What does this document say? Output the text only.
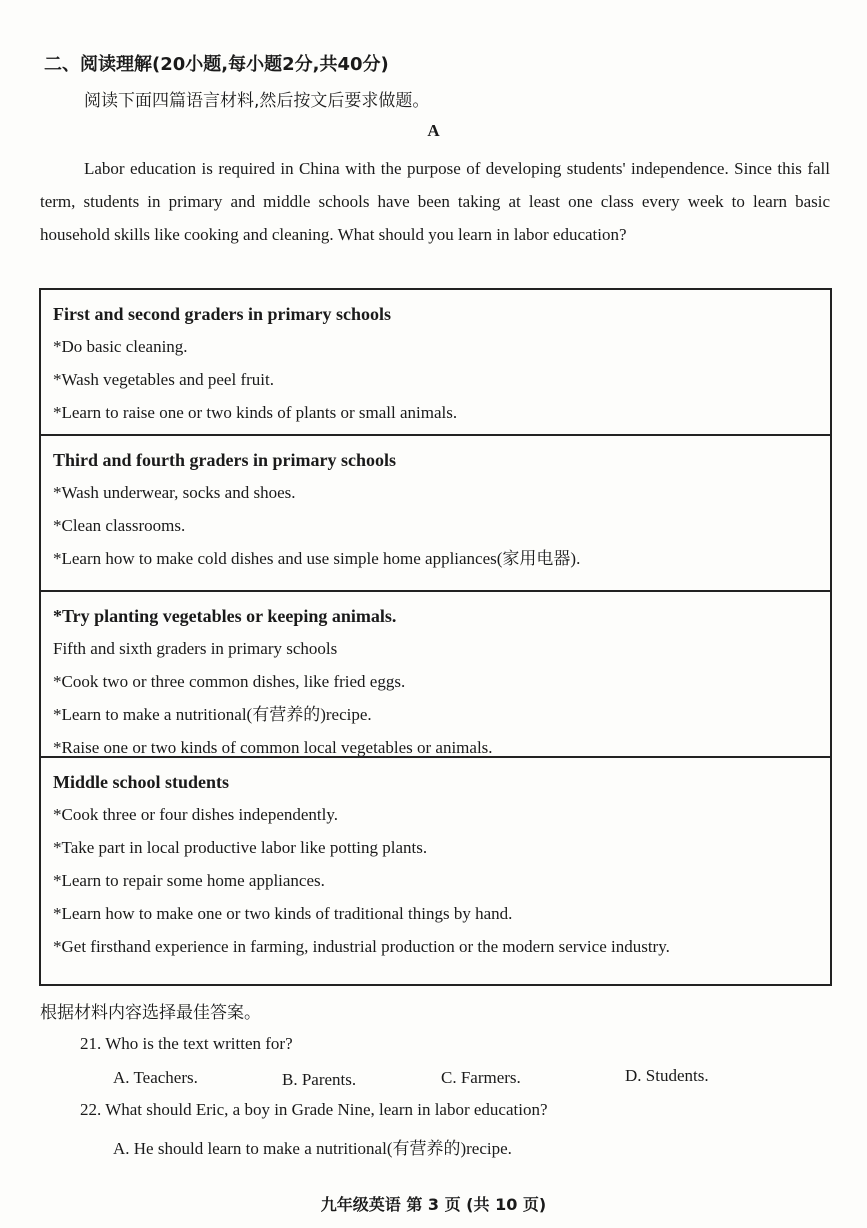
二、阅读理解(20小题,每小题2分,共40分)
阅读下面四篇语言材料,然后按文后要求做题。
A
Labor education is required in China with the purpose of developing students' independence. Since this fall term, students in primary and middle schools have been taking at least one class every week to learn basic household skills like cooking and cleaning. What should you learn in labor education?
First and second graders in primary schools
*Do basic cleaning.
*Wash vegetables and peel fruit.
*Learn to raise one or two kinds of plants or small animals.
Third and fourth graders in primary schools
*Wash underwear, socks and shoes.
*Clean classrooms.
*Learn how to make cold dishes and use simple home appliances(家用电器).
*Try planting vegetables or keeping animals.
Fifth and sixth graders in primary schools
*Cook two or three common dishes, like fried eggs.
*Learn to make a nutritional(有营养的)recipe.
*Raise one or two kinds of common local vegetables or animals.
Middle school students
*Cook three or four dishes independently.
*Take part in local productive labor like potting plants.
*Learn to repair some home appliances.
*Learn how to make one or two kinds of traditional things by hand.
*Get firsthand experience in farming, industrial production or the modern service industry.
根据材料内容选择最佳答案。
21. Who is the text written for?
A. Teachers.	B. Parents.	C. Farmers.	D. Students.
22. What should Eric, a boy in Grade Nine, learn in labor education?
A. He should learn to make a nutritional(有营养的)recipe.
九年级英语 第 3 页 (共 10 页)
